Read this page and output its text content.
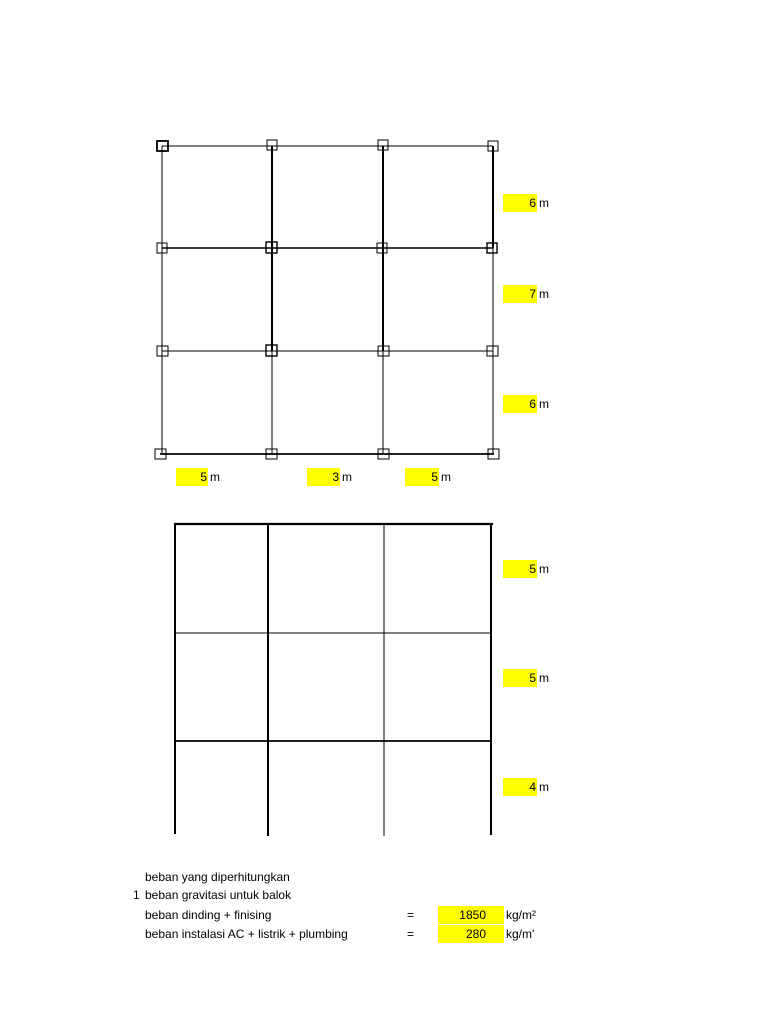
6 m
7 m
6 m
5 m	3 m	5 m
5 m
5 m
4 m
beban yang diperhitungkan
1 beban gravitasi untuk balok
beban dinding + finising	=	1850	kg/m²
beban instalasi AC + listrik + plumbing	=	280	kg/m'
